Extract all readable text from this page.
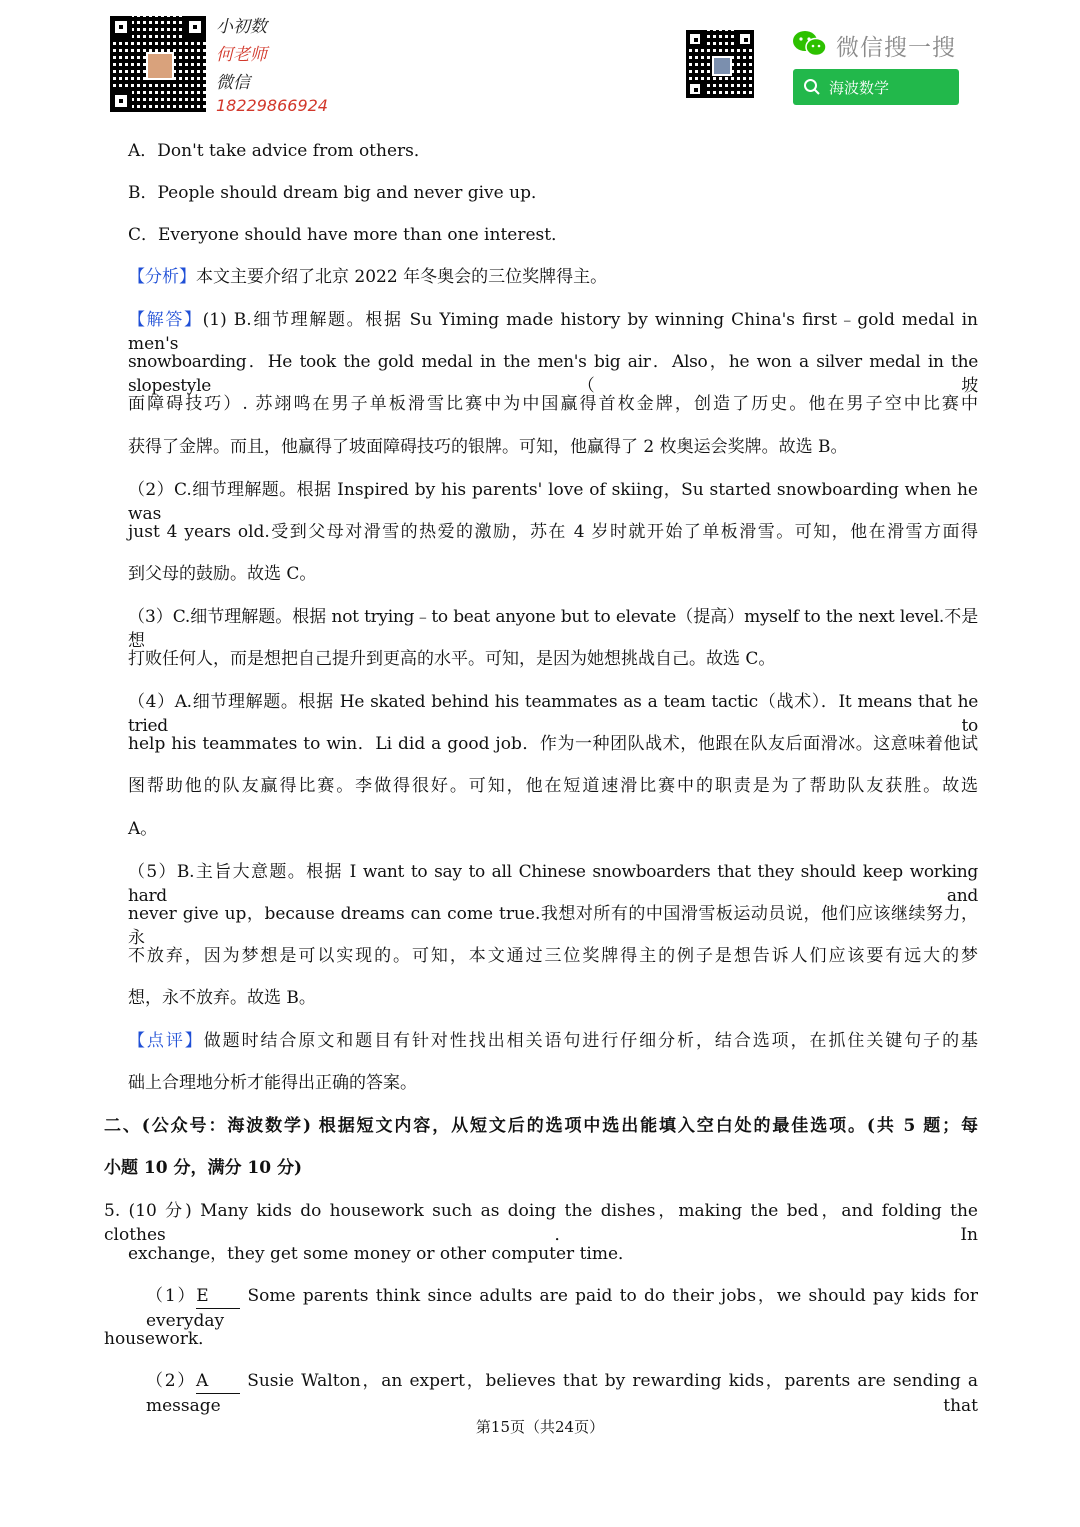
小初数
何老师
微信
18229866924
微信搜一搜
海波数学
A．Don't take advice from others．
B．People should dream big and never give up．
C．Everyone should have more than one interest．
【分析】本文主要介绍了北京 2022 年冬奥会的三位奖牌得主。
【解答】(1) B.细节理解题。根据 Su Yiming made history by winning China's first﹣gold medal in men's
snowboarding．He took the gold medal in the men's big air．Also，he won a silver medal in the slopestyle（坡
面障碍技巧）. 苏翊鸣在男子单板滑雪比赛中为中国赢得首枚金牌，创造了历史。他在男子空中比赛中
获得了金牌。而且，他赢得了坡面障碍技巧的银牌。可知，他赢得了 2 枚奥运会奖牌。故选 B。
（2）C.细节理解题。根据 Inspired by his parents' love of skiing，Su started snowboarding when he was
just 4 years old.受到父母对滑雪的热爱的激励，苏在 4 岁时就开始了单板滑雪。可知，他在滑雪方面得
到父母的鼓励。故选 C。
（3）C.细节理解题。根据 not trying﹣to beat anyone but to elevate（提高）myself to the next level.不是想
打败任何人，而是想把自己提升到更高的水平。可知，是因为她想挑战自己。故选 C。
（4）A.细节理解题。根据 He skated behind his teammates as a team tactic（战术）．It means that he tried to
help his teammates to win．Li did a good job．作为一种团队战术，他跟在队友后面滑冰。这意味着他试
图帮助他的队友赢得比赛。李做得很好。可知，他在短道速滑比赛中的职责是为了帮助队友获胜。故选
A。
（5）B.主旨大意题。根据 I want to say to all Chinese snowboarders that they should keep working hard and
never give up，because dreams can come true.我想对所有的中国滑雪板运动员说，他们应该继续努力，永
不放弃，因为梦想是可以实现的。可知，本文通过三位奖牌得主的例子是想告诉人们应该要有远大的梦
想，永不放弃。故选 B。
【点评】做题时结合原文和题目有针对性找出相关语句进行仔细分析，结合选项，在抓住关键句子的基
础上合理地分析才能得出正确的答案。
二、(公众号：海波数学) 根据短文内容，从短文后的选项中选出能填入空白处的最佳选项。(共 5 题；每
小题 10 分，满分 10 分)
5. (10 分) Many kids do housework such as doing the dishes，making the bed，and folding the clothes．In
exchange，they get some money or other computer time．
（1）E Some parents think since adults are paid to do their jobs，we should pay kids for everyday
housework．
（2）A Susie Walton，an expert，believes that by rewarding kids，parents are sending a message that
第15页（共24页）
